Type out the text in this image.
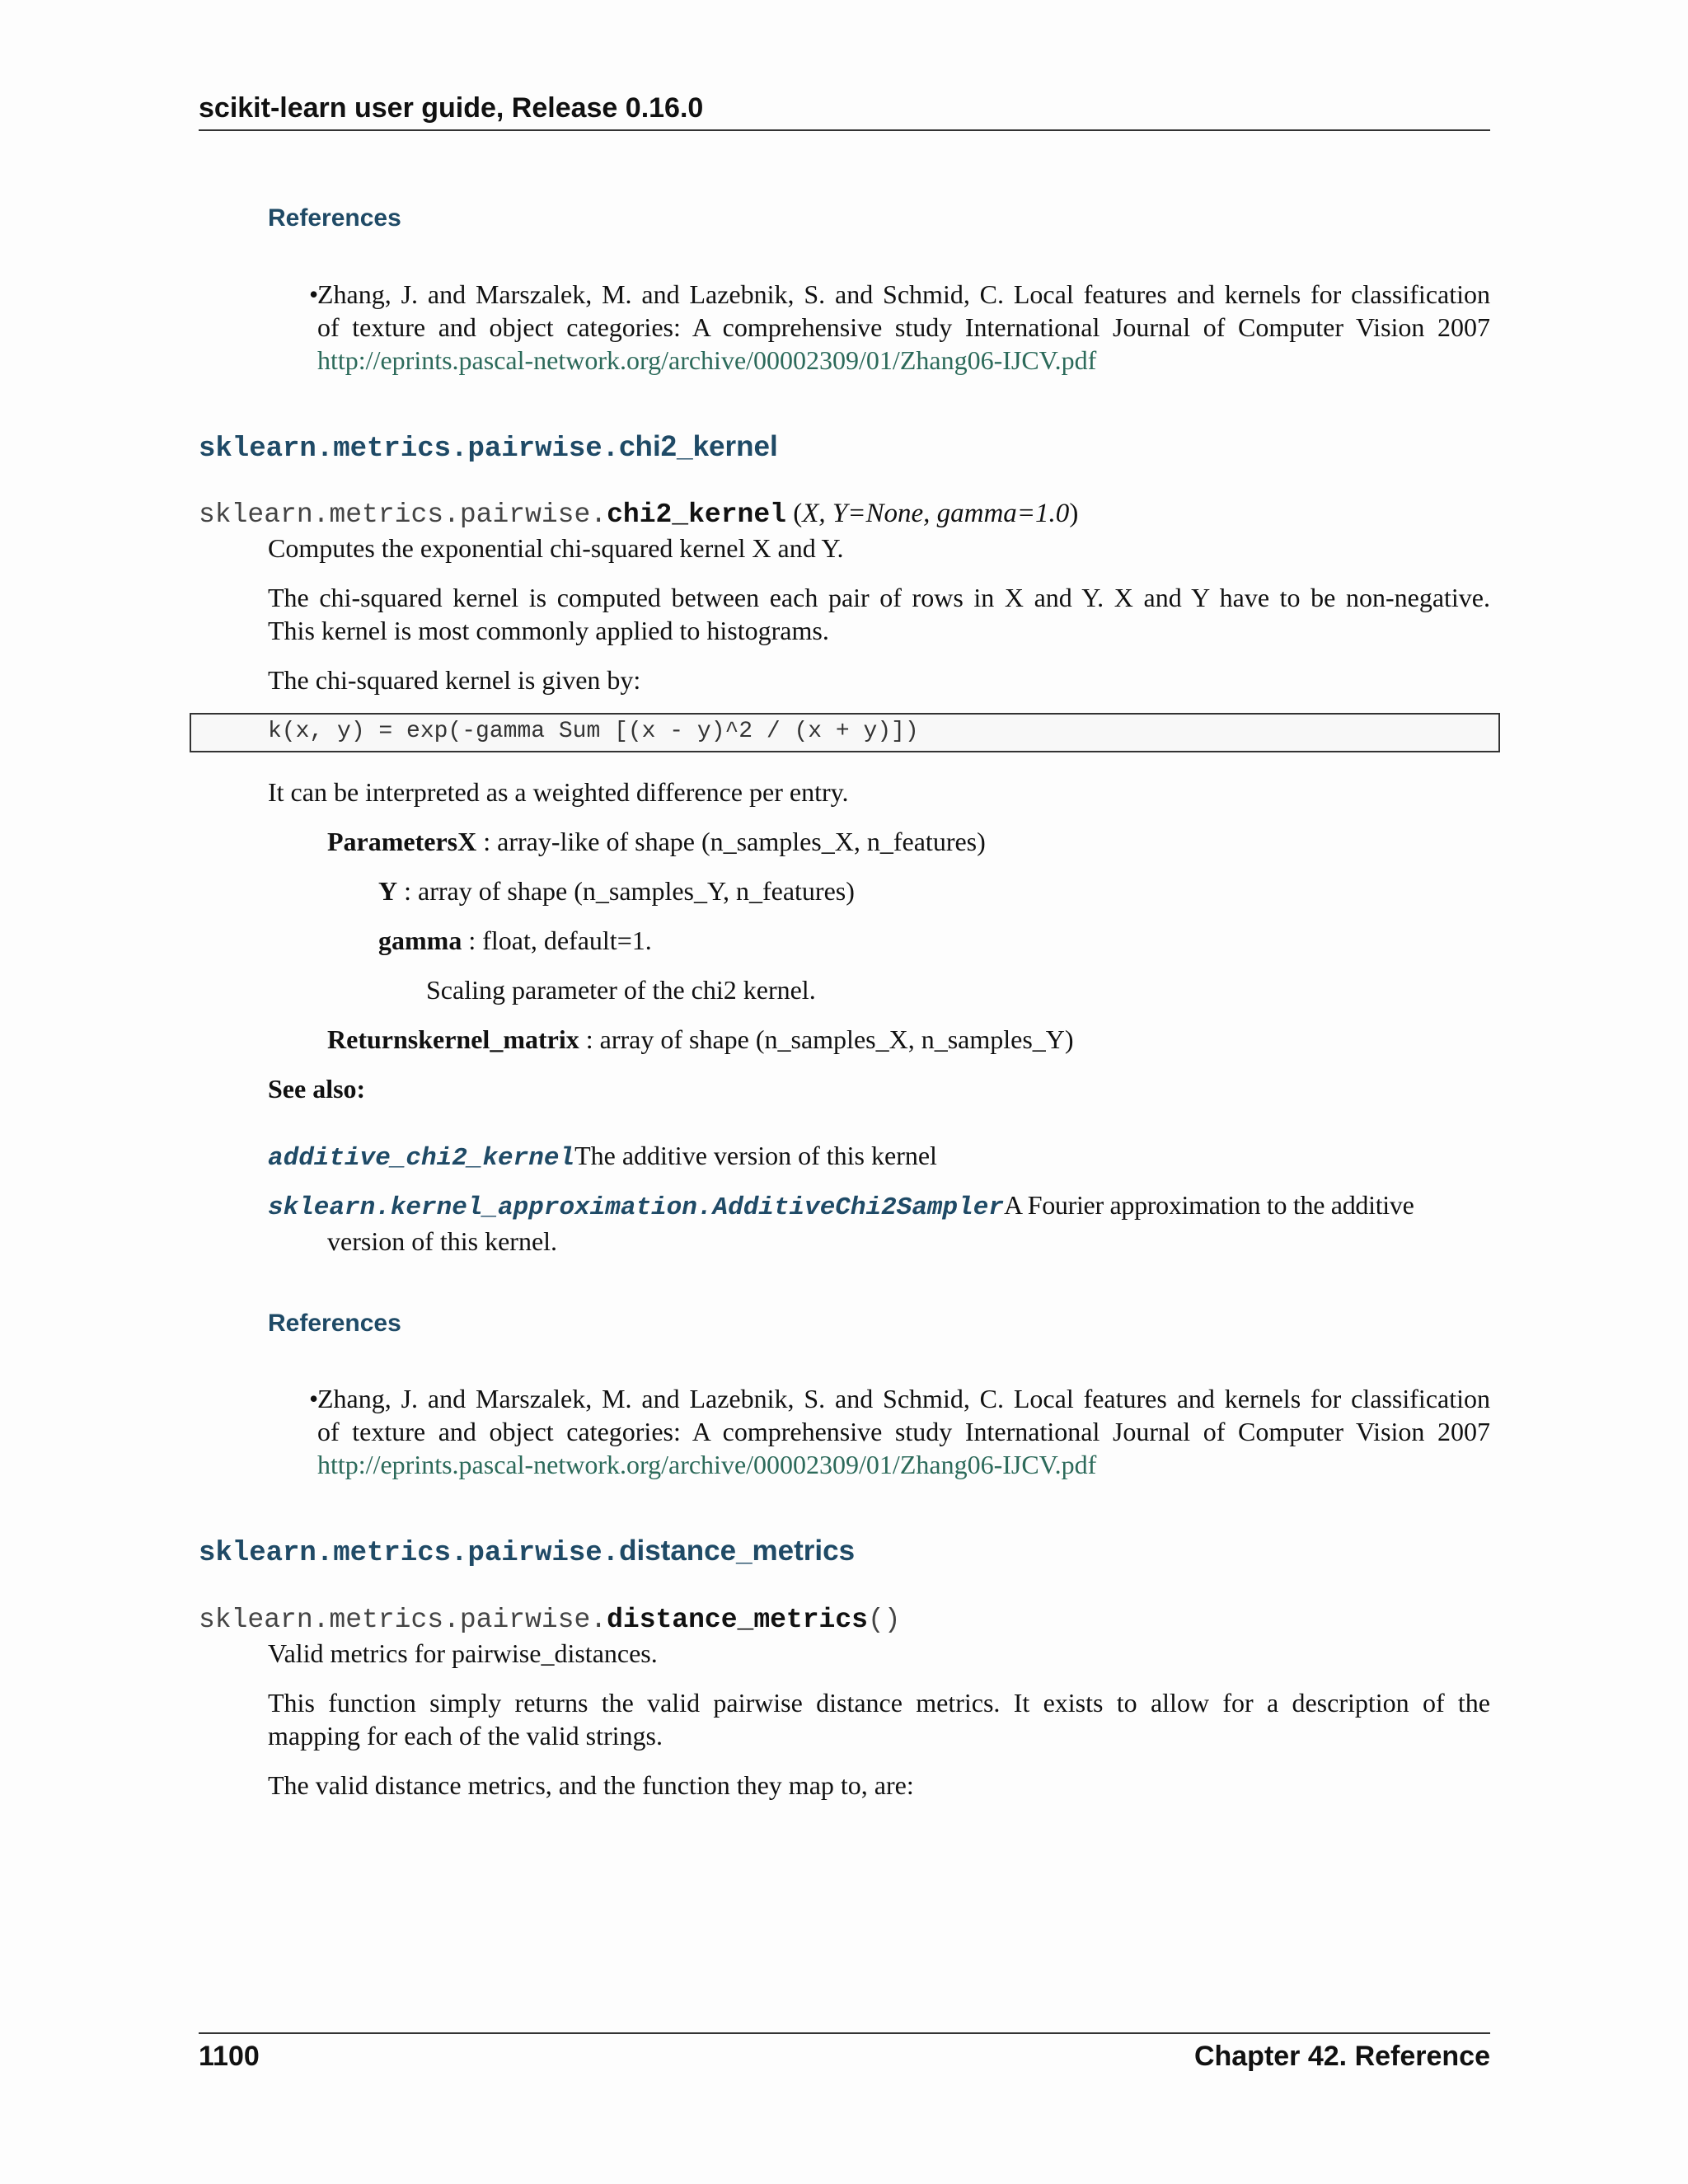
scikit-learn user guide, Release 0.16.0
References
•
Zhang, J. and Marszalek, M. and Lazebnik, S. and Schmid, C. Local features and kernels for classification
of texture and object categories: A comprehensive study International Journal of Computer Vision 2007
http://eprints.pascal-network.org/archive/00002309/01/Zhang06-IJCV.pdf
sklearn.metrics.pairwise.chi2_kernel
sklearn.metrics.pairwise.chi2_kernel (X, Y=None, gamma=1.0)
Computes the exponential chi-squared kernel X and Y.
The chi-squared kernel is computed between each pair of rows in X and Y. X and Y have to be non-negative.
This kernel is most commonly applied to histograms.
The chi-squared kernel is given by:
k(x, y) = exp(-gamma Sum [(x - y)^2 / (x + y)])
It can be interpreted as a weighted difference per entry.
ParametersX : array-like of shape (n_samples_X, n_features)
Y : array of shape (n_samples_Y, n_features)
gamma : float, default=1.
Scaling parameter of the chi2 kernel.
Returnskernel_matrix : array of shape (n_samples_X, n_samples_Y)
See also:
additive_chi2_kernelThe additive version of this kernel
sklearn.kernel_approximation.AdditiveChi2SamplerA Fourier approximation to the additive
version of this kernel.
References
•
Zhang, J. and Marszalek, M. and Lazebnik, S. and Schmid, C. Local features and kernels for classification
of texture and object categories: A comprehensive study International Journal of Computer Vision 2007
http://eprints.pascal-network.org/archive/00002309/01/Zhang06-IJCV.pdf
sklearn.metrics.pairwise.distance_metrics
sklearn.metrics.pairwise.distance_metrics()
Valid metrics for pairwise_distances.
This function simply returns the valid pairwise distance metrics. It exists to allow for a description of the
mapping for each of the valid strings.
The valid distance metrics, and the function they map to, are:
1100	Chapter 42. Reference
